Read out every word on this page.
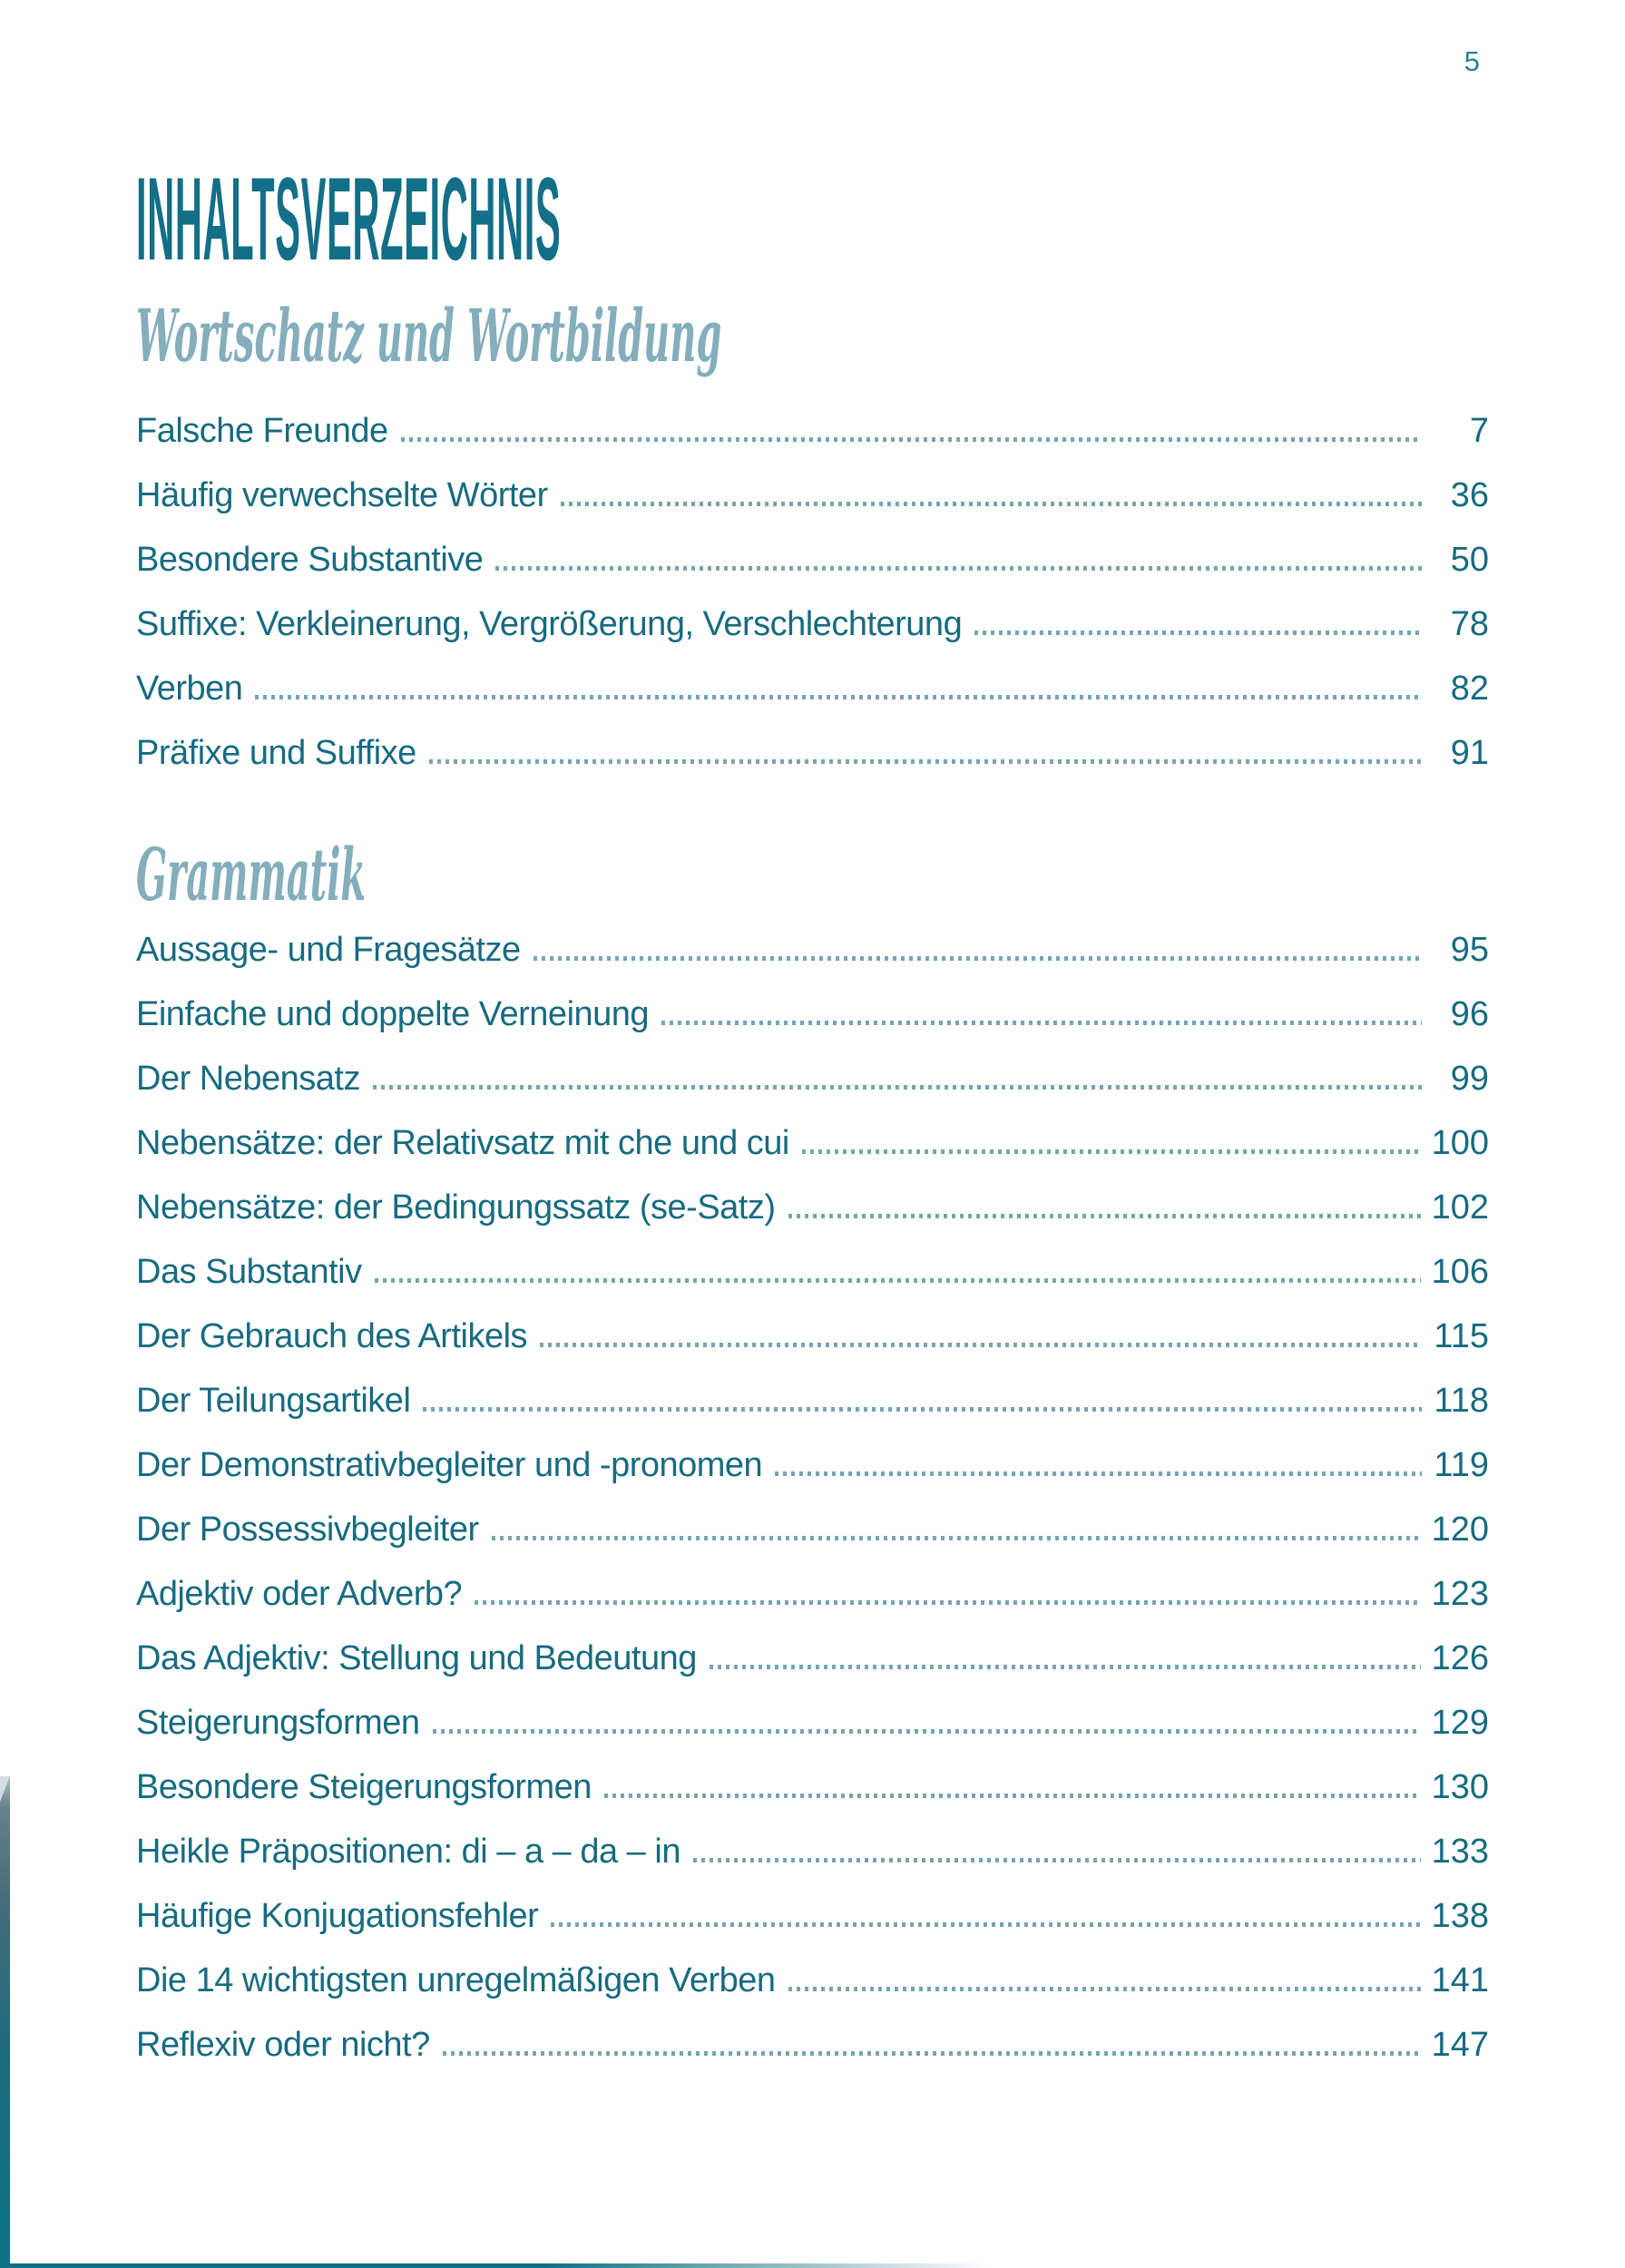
5
INHALTSVERZEICHNIS
Wortschatz und Wortbildung
Falsche Freunde	7
Häufig verwechselte Wörter	36
Besondere Substantive	50
Suffixe: Verkleinerung, Vergrößerung, Verschlechterung	78
Verben	82
Präfixe und Suffixe	91
Grammatik
Aussage- und Fragesätze	95
Einfache und doppelte Verneinung	96
Der Nebensatz	99
Nebensätze: der Relativsatz mit che und cui	100
Nebensätze: der Bedingungssatz (se-Satz)	102
Das Substantiv	106
Der Gebrauch des Artikels	115
Der Teilungsartikel	118
Der Demonstrativbegleiter und -pronomen	119
Der Possessivbegleiter	120
Adjektiv oder Adverb?	123
Das Adjektiv: Stellung und Bedeutung	126
Steigerungsformen	129
Besondere Steigerungsformen	130
Heikle Präpositionen: di – a – da – in	133
Häufige Konjugationsfehler	138
Die 14 wichtigsten unregelmäßigen Verben	141
Reflexiv oder nicht?	147
